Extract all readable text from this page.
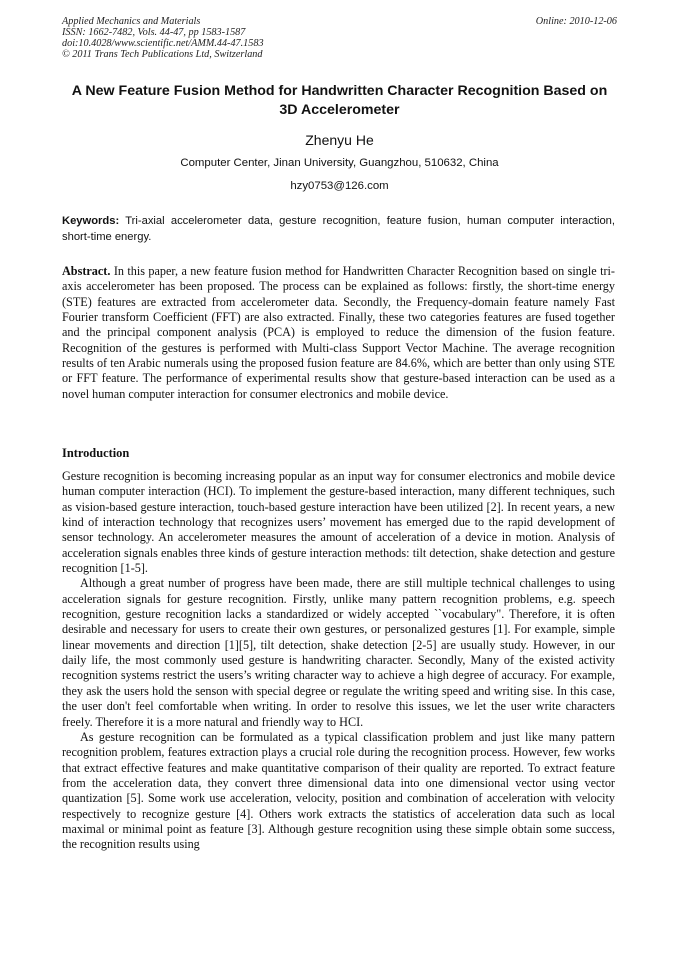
Applied Mechanics and Materials
ISSN: 1662-7482, Vols. 44-47, pp 1583-1587
doi:10.4028/www.scientific.net/AMM.44-47.1583
© 2011 Trans Tech Publications Ltd, Switzerland
Online: 2010-12-06
A New Feature Fusion Method for Handwritten Character Recognition Based on 3D Accelerometer
Zhenyu He
Computer Center, Jinan University, Guangzhou, 510632, China
hzy0753@126.com
Keywords: Tri-axial accelerometer data, gesture recognition, feature fusion, human computer interaction, short-time energy.
Abstract. In this paper, a new feature fusion method for Handwritten Character Recognition based on single tri-axis accelerometer has been proposed. The process can be explained as follows: firstly, the short-time energy (STE) features are extracted from accelerometer data. Secondly, the Frequency-domain feature namely Fast Fourier transform Coefficient (FFT) are also extracted. Finally, these two categories features are fused together and the principal component analysis (PCA) is employed to reduce the dimension of the fusion feature. Recognition of the gestures is performed with Multi-class Support Vector Machine. The average recognition results of ten Arabic numerals using the proposed fusion feature are 84.6%, which are better than only using STE or FFT feature. The performance of experimental results show that gesture-based interaction can be used as a novel human computer interaction for consumer electronics and mobile device.
Introduction

Gesture recognition is becoming increasing popular as an input way for consumer electronics and mobile device human computer interaction (HCI). To implement the gesture-based interaction, many different techniques, such as vision-based gesture interaction, touch-based gesture interaction have been utilized [2]. In recent years, a new kind of interaction technology that recognizes users’ movement has emerged due to the rapid development of sensor technology. An accelerometer measures the amount of acceleration of a device in motion. Analysis of acceleration signals enables three kinds of gesture interaction methods: tilt detection, shake detection and gesture recognition [1-5].

Although a great number of progress have been made, there are still multiple technical challenges to using acceleration signals for gesture recognition. Firstly, unlike many pattern recognition problems, e.g. speech recognition, gesture recognition lacks a standardized or widely accepted ``vocabulary". Therefore, it is often desirable and necessary for users to create their own gestures, or personalized gestures [1]. For example, simple linear movements and direction [1][5], tilt detection, shake detection [2-5] are usually study. However, in our daily life, the most commonly used gesture is handwriting character. Secondly, Many of the existed activity recognition systems restrict the users’s writing character way to achieve a high degree of accuracy. For example, they ask the users hold the senson with special degree or regulate the writing speed and writing sise. In this case, the user don't feel comfortable when writing. In order to resolve this issues, we let the user write characters freely. Therefore it is a more natural and friendly way to HCI.

As gesture recognition can be formulated as a typical classification problem and just like many pattern recognition problem, features extraction plays a crucial role during the recognition process. However, few works that extract effective features and make quantitative comparison of their quality are reported. To extract feature from the acceleration data, they convert three dimensional data into one dimensional vector using vector quantization [5]. Some work use acceleration, velocity, position and combination of acceleration with velocity respectively to recognize gesture [4]. Others work extracts the statistics of acceleration data such as local maximal or minimal point as feature [3]. Although gesture recognition using these simple obtain some success, the recognition results using
